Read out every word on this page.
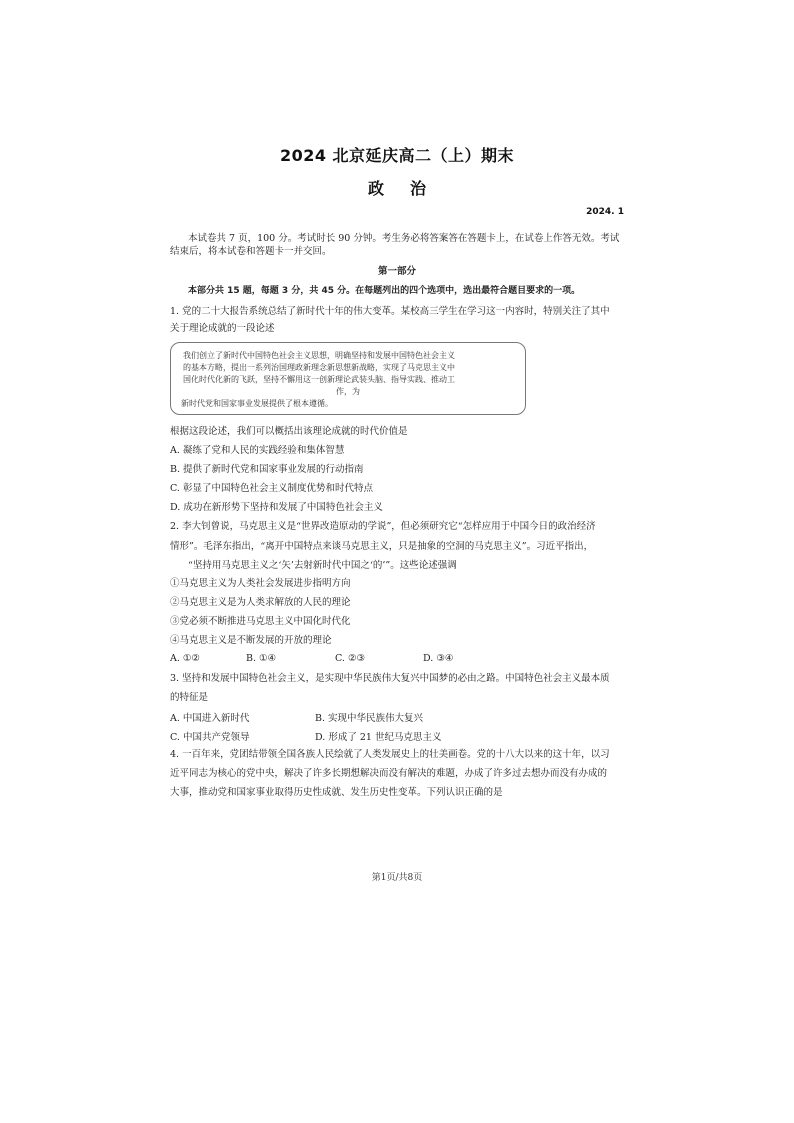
2024 北京延庆高二（上）期末
政治
2024. 1
本试卷共 7 页，100 分。考试时长 90 分钟。考生务必将答案答在答题卡上，在试卷上作答无效。考试
结束后，将本试卷和答题卡一并交回。
第一部分
本部分共 15 题，每题 3 分，共 45 分。在每题列出的四个选项中，选出最符合题目要求的一项。
1. 党的二十大报告系统总结了新时代十年的伟大变革。某校高三学生在学习这一内容时，特别关注了其中
关于理论成就的一段论述
我们创立了新时代中国特色社会主义思想，明确坚持和发展中国特色社会主义
的基本方略，提出一系列治国理政新理念新思想新战略，实现了马克思主义中
国化时代化新的飞跃，坚持不懈用这一创新理论武装头脑、指导实践、推动工
作，为
新时代党和国家事业发展提供了根本遵循。
根据这段论述，我们可以概括出该理论成就的时代价值是
A. 凝练了党和人民的实践经验和集体智慧
B. 提供了新时代党和国家事业发展的行动指南
C. 彰显了中国特色社会主义制度优势和时代特点
D. 成功在新形势下坚持和发展了中国特色社会主义
2. 李大钊曾说，马克思主义是“世界改造原动的学说”，但必须研究它“怎样应用于中国今日的政治经济
情形”。毛泽东指出，“离开中国特点来谈马克思主义，只是抽象的空洞的马克思主义”。习近平指出，
“坚持用马克思主义之‘矢’去射新时代中国之‘的’”。这些论述强调
①马克思主义为人类社会发展进步指明方向
②马克思主义是为人类求解放的人民的理论
③党必须不断推进马克思主义中国化时代化
④马克思主义是不断发展的开放的理论
A. ①②	B. ①④	C. ②③	D. ③④
3. 坚持和发展中国特色社会主义，是实现中华民族伟大复兴中国梦的必由之路。中国特色社会主义最本质
的特征是
A. 中国进入新时代	B. 实现中华民族伟大复兴
C. 中国共产党领导	D. 形成了 21 世纪马克思主义
4. 一百年来，党团结带领全国各族人民绘就了人类发展史上的壮美画卷。党的十八大以来的这十年，以习
近平同志为核心的党中央，解决了许多长期想解决而没有解决的难题，办成了许多过去想办而没有办成的
大事，推动党和国家事业取得历史性成就、发生历史性变革。下列认识正确的是
第1页/共8页
